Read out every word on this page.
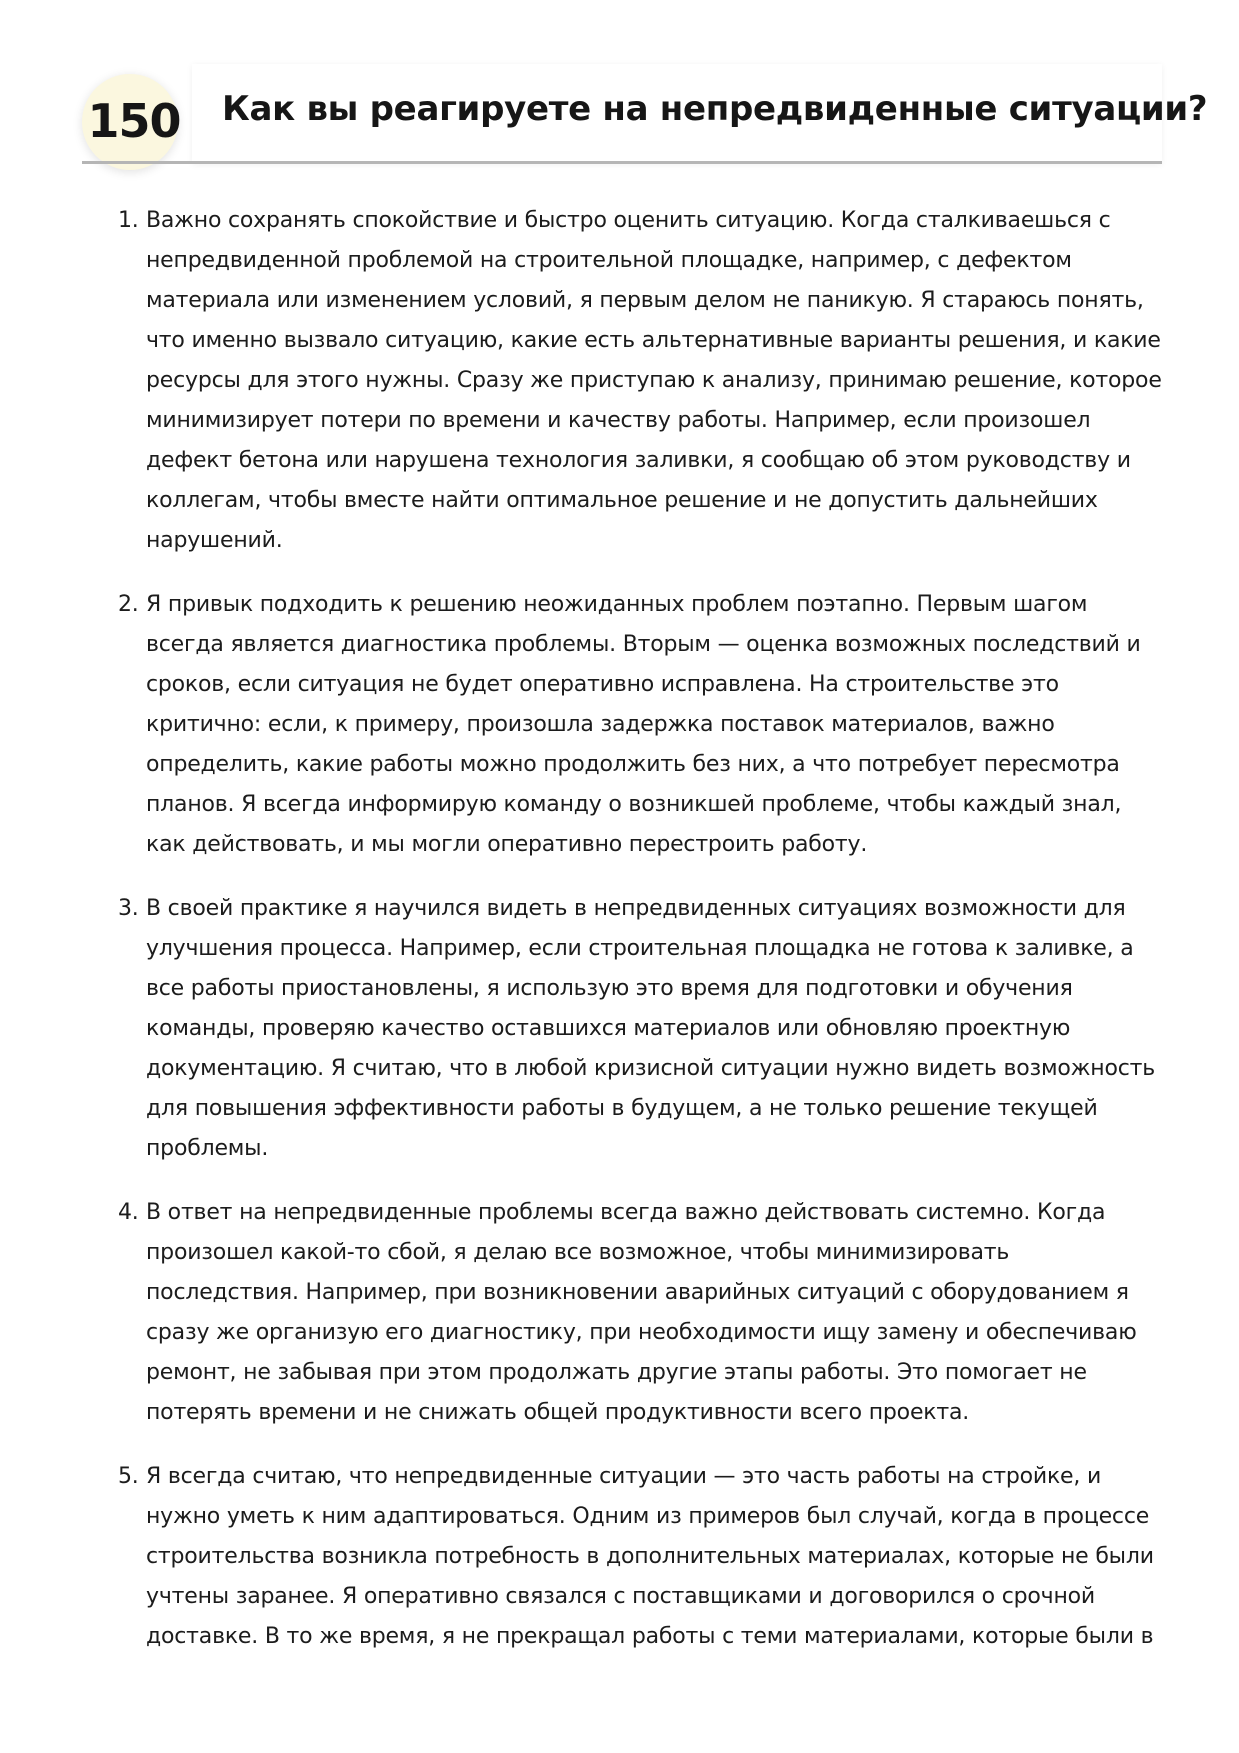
150 Как вы реагируете на непредвиденные ситуации?
1. Важно сохранять спокойствие и быстро оценить ситуацию. Когда сталкиваешься с непредвиденной проблемой на строительной площадке, например, с дефектом материала или изменением условий, я первым делом не паникую. Я стараюсь понять, что именно вызвало ситуацию, какие есть альтернативные варианты решения, и какие ресурсы для этого нужны. Сразу же приступаю к анализу, принимаю решение, которое минимизирует потери по времени и качеству работы. Например, если произошел дефект бетона или нарушена технология заливки, я сообщаю об этом руководству и коллегам, чтобы вместе найти оптимальное решение и не допустить дальнейших нарушений.
2. Я привык подходить к решению неожиданных проблем поэтапно. Первым шагом всегда является диагностика проблемы. Вторым — оценка возможных последствий и сроков, если ситуация не будет оперативно исправлена. На строительстве это критично: если, к примеру, произошла задержка поставок материалов, важно определить, какие работы можно продолжить без них, а что потребует пересмотра планов. Я всегда информирую команду о возникшей проблеме, чтобы каждый знал, как действовать, и мы могли оперативно перестроить работу.
3. В своей практике я научился видеть в непредвиденных ситуациях возможности для улучшения процесса. Например, если строительная площадка не готова к заливке, а все работы приостановлены, я использую это время для подготовки и обучения команды, проверяю качество оставшихся материалов или обновляю проектную документацию. Я считаю, что в любой кризисной ситуации нужно видеть возможность для повышения эффективности работы в будущем, а не только решение текущей проблемы.
4. В ответ на непредвиденные проблемы всегда важно действовать системно. Когда произошел какой-то сбой, я делаю все возможное, чтобы минимизировать последствия. Например, при возникновении аварийных ситуаций с оборудованием я сразу же организую его диагностику, при необходимости ищу замену и обеспечиваю ремонт, не забывая при этом продолжать другие этапы работы. Это помогает не потерять времени и не снижать общей продуктивности всего проекта.
5. Я всегда считаю, что непредвиденные ситуации — это часть работы на стройке, и нужно уметь к ним адаптироваться. Одним из примеров был случай, когда в процессе строительства возникла потребность в дополнительных материалах, которые не были учтены заранее. Я оперативно связался с поставщиками и договорился о срочной доставке. В то же время, я не прекращал работы с теми материалами, которые были в
